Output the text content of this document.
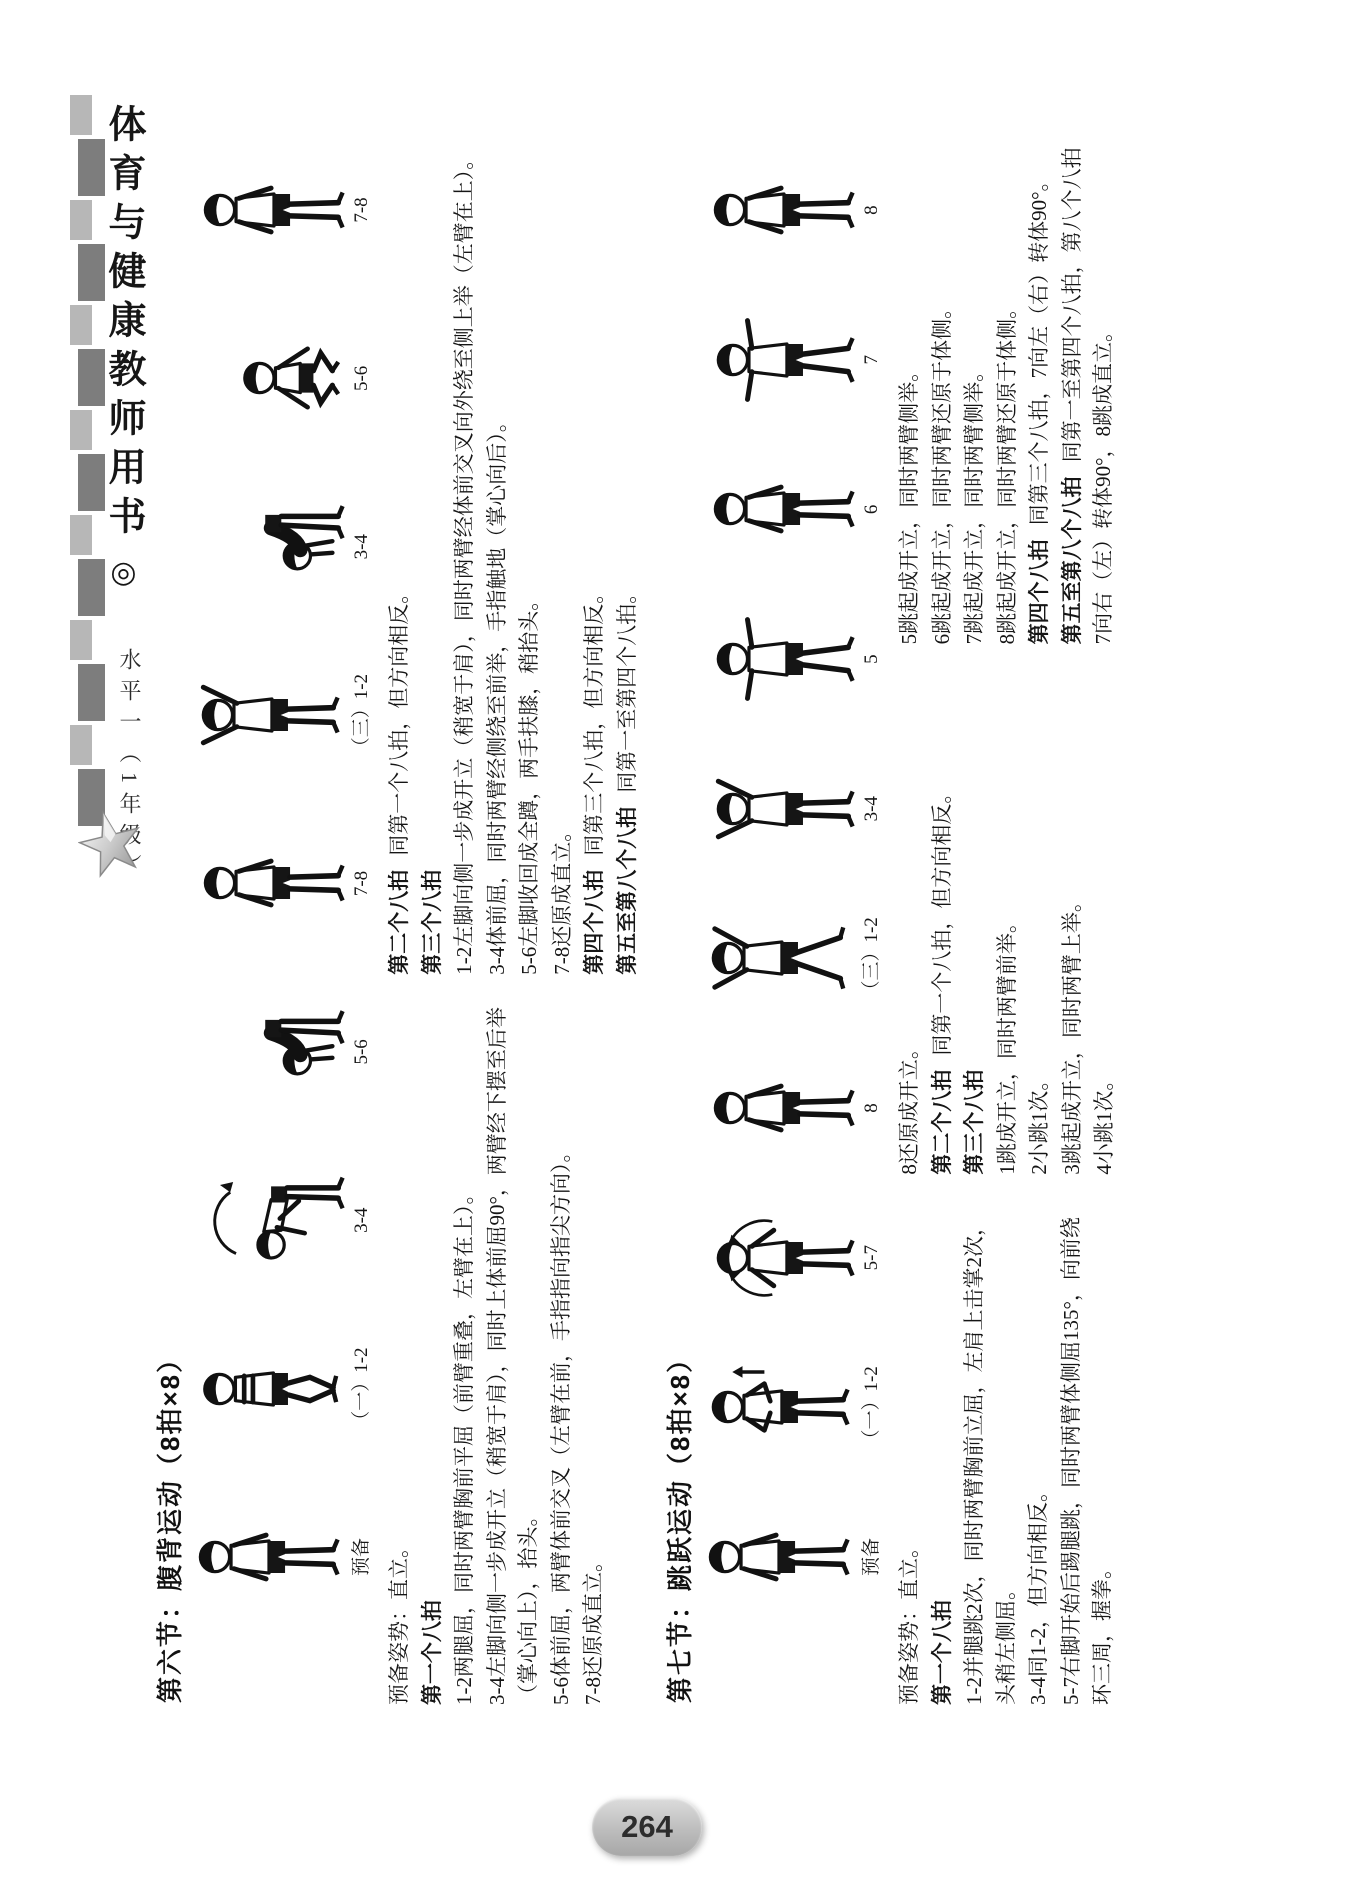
体育与健康教师用书◎
水平一（1年级）
第六节：腹背运动（8拍×8）	预备
（一）1-2
3-4
5-6
7-8
（三）1-2
3-4
5-6
7-8

预备姿势：直立。 第一个八拍 1-2两腿屈，同时两臂胸前平屈（前臂重叠，左臂在上）。 3-4左脚向侧一步成开立（稍宽于肩），同时上体前屈90°，两臂经下摆至后举（掌心向上），抬头。 5-6体前屈，两臂体前交叉（左臂在前，手指指向指尖方向）。 7-8还原成直立。

第二个八拍同第一个八拍，但方向相反。

第三个八拍 1-2左脚向侧一步成开立（稍宽于肩），同时两臂经体前交叉向外绕至侧上举（左臂在上）。 3-4体前屈，同时两臂经侧绕至前举，手指触地（掌心向后）。 5-6左脚收回成全蹲，两手扶膝，稍抬头。 7-8还原成直立。 第四个八拍同第三个八拍，但方向相反。

第五至第八个八拍同第一至第四个八拍。

第七节：跳跃运动（8拍×8）	预备
（一）1-2
5-7
8
（三）1-2
3-4
5
6
7
8

预备姿势：直立。 第一个八拍 1-2并腿跳2次，同时两臂胸前立屈，左肩上击掌2次，头稍左侧屈。 3-4同1-2，但方向相反。 5-7右脚开始后踢腿跳，同时两臂体侧屈135°，向前绕环三周，握拳。

8还原成开立。 第二个八拍同第一个八拍，但方向相反。

第三个八拍 1跳成开立，同时两臂前举。 2小跳1次。 3跳起成开立，同时两臂上举。 4小跳1次。

5跳起成开立，同时两臂侧举。 6跳起成开立，同时两臂还原于体侧。 7跳起成开立，同时两臂侧举。 8跳起成开立，同时两臂还原于体侧。 第四个八拍同第三个八拍，7向左（右）转体90°。

第五至第八个八拍同第一至第四个八拍，第八个八拍7向右（左）转体90°，8跳成直立。

264
